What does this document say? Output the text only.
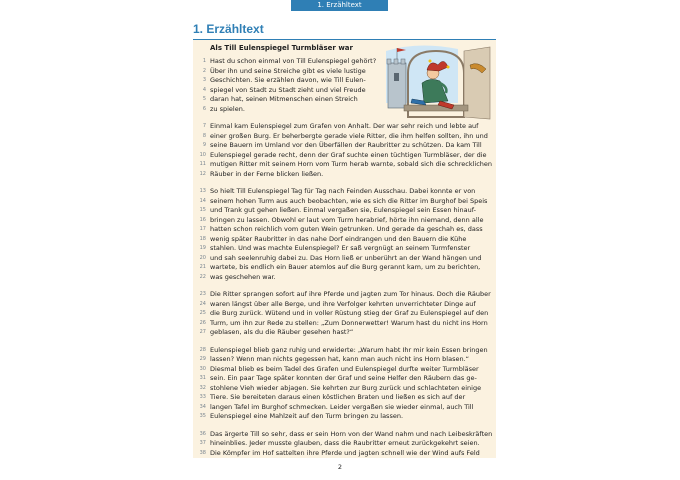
1. Erzähltext
1. Erzähltext
Als Till Eulenspiegel Turmbläser war
1 Hast du schon einmal von Till Eulenspiegel gehört?
2 Über ihn und seine Streiche gibt es viele lustige
3 Geschichten. Sie erzählen davon, wie Till Eulen-
4 spiegel von Stadt zu Stadt zieht und viel Freude
5 daran hat, seinen Mitmenschen einen Streich
6 zu spielen.
7 Einmal kam Eulenspiegel zum Grafen von Anhalt. Der war sehr reich und lebte auf
8 einer großen Burg. Er beherbergte gerade viele Ritter, die ihm helfen sollten, ihn und
9 seine Bauern im Umland vor den Überfällen der Raubritter zu schützen. Da kam Till
10 Eulenspiegel gerade recht, denn der Graf suchte einen tüchtigen Turmbläser, der die
11 mutigen Ritter mit seinem Horn vom Turm herab warnte, sobald sich die schrecklichen
12 Räuber in der Ferne blicken ließen.
13 So hielt Till Eulenspiegel Tag für Tag nach Feinden Ausschau. Dabei konnte er von
14 seinem hohen Turm aus auch beobachten, wie es sich die Ritter im Burghof bei Speis
15 und Trank gut gehen ließen. Einmal vergaßen sie, Eulenspiegel sein Essen hinauf-
16 bringen zu lassen. Obwohl er laut vom Turm herabrief, hörte ihn niemand, denn alle
17 hatten schon reichlich vom guten Wein getrunken. Und gerade da geschah es, dass
18 wenig später Raubritter in das nahe Dorf eindrangen und den Bauern die Kühe
19 stahlen. Und was machte Eulenspiegel? Er saß vergnügt an seinem Turmfenster
20 und sah seelenruhig dabei zu. Das Horn ließ er unberührt an der Wand hängen und
21 wartete, bis endlich ein Bauer atemlos auf die Burg gerannt kam, um zu berichten,
22 was geschehen war.
23 Die Ritter sprangen sofort auf ihre Pferde und jagten zum Tor hinaus. Doch die Räuber
24 waren längst über alle Berge, und ihre Verfolger kehrten unverrichteter Dinge auf
25 die Burg zurück. Wütend und in voller Rüstung stieg der Graf zu Eulenspiegel auf den
26 Turm, um ihn zur Rede zu stellen: „Zum Donnerwetter! Warum hast du nicht ins Horn
27 geblasen, als du die Räuber gesehen hast?“
28 Eulenspiegel blieb ganz ruhig und erwiderte: „Warum habt Ihr mir kein Essen bringen
29 lassen? Wenn man nichts gegessen hat, kann man auch nicht ins Horn blasen.“
30 Diesmal blieb es beim Tadel des Grafen und Eulenspiegel durfte weiter Turmbläser
31 sein. Ein paar Tage später konnten der Graf und seine Helfer den Räubern das ge-
32 stohlene Vieh wieder abjagen. Sie kehrten zur Burg zurück und schlachteten einige
33 Tiere. Sie bereiteten daraus einen köstlichen Braten und ließen es sich auf der
34 langen Tafel im Burghof schmecken. Leider vergaßen sie wieder einmal, auch Till
35 Eulenspiegel eine Mahlzeit auf den Turm bringen zu lassen.
36 Das ärgerte Till so sehr, dass er sein Horn von der Wand nahm und nach Leibeskräften
37 hineinblies. Jeder musste glauben, dass die Raubritter erneut zurückgekehrt seien.
38 Die Kömpfer im Hof sattelten ihre Pferde und jagten schnell wie der Wind aufs Feld
2
